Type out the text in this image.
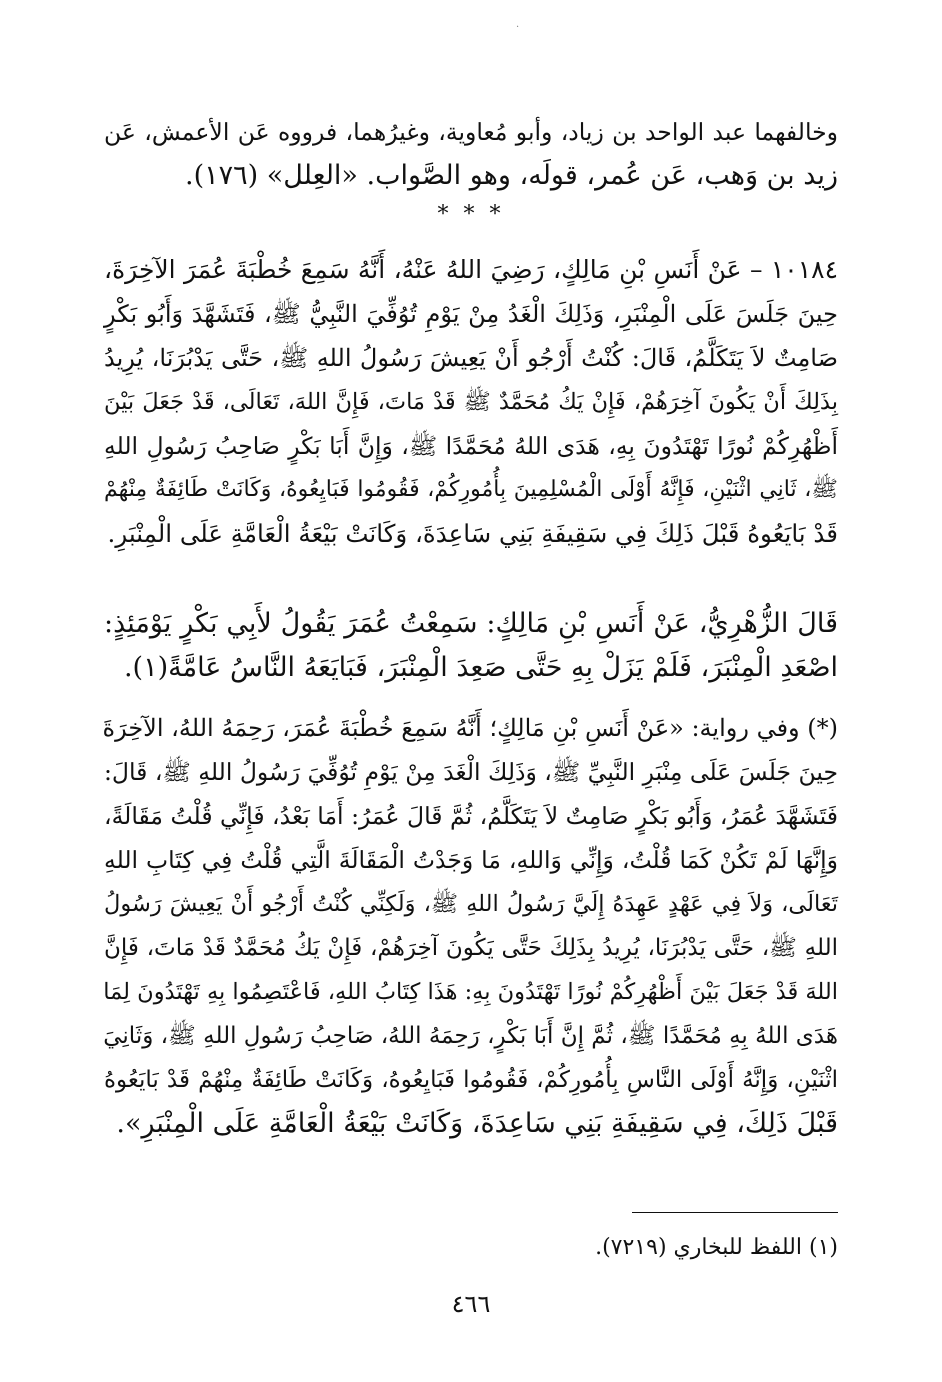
·
وخالفهما عبد الواحد بن زياد، وأبو مُعاوية، وغيرُهما، فرووه عَن الأعمش، عَن
زيد بن وَهب، عَن عُمر، قولَه، وهو الصَّواب. «العِلل» (١٧٦).
* * *
١٠١٨٤ – عَنْ أَنَسِ بْنِ مَالِكٍ، رَضِيَ اللهُ عَنْهُ، أَنَّهُ سَمِعَ خُطْبَةَ عُمَرَ الآخِرَةَ،
حِينَ جَلَسَ عَلَى الْمِنْبَرِ، وَذَلِكَ الْغَدُ مِنْ يَوْمِ تُوُفِّيَ النَّبِيُّ ﷺ، فَتَشَهَّدَ وَأَبُو بَكْرٍ
صَامِتٌ لاَ يَتَكَلَّمُ، قَالَ: كُنْتُ أَرْجُو أَنْ يَعِيشَ رَسُولُ اللهِ ﷺ، حَتَّى يَدْبُرَنَا، يُرِيدُ
بِذَلِكَ أَنْ يَكُونَ آخِرَهُمْ، فَإِنْ يَكُ مُحَمَّدٌ ﷺ قَدْ مَاتَ، فَإِنَّ اللهَ، تَعَالَى، قَدْ جَعَلَ بَيْنَ
أَظْهُرِكُمْ نُورًا تَهْتَدُونَ بِهِ، هَدَى اللهُ مُحَمَّدًا ﷺ، وَإِنَّ أَبَا بَكْرٍ صَاحِبُ رَسُولِ اللهِ
ﷺ، ثَانِي اثْنَيْنِ، فَإِنَّهُ أَوْلَى الْمُسْلِمِينَ بِأُمُورِكُمْ، فَقُومُوا فَبَايِعُوهُ، وَكَانَتْ طَائِفَةٌ مِنْهُمْ
قَدْ بَايَعُوهُ قَبْلَ ذَلِكَ فِي سَقِيفَةِ بَنِي سَاعِدَةَ، وَكَانَتْ بَيْعَةُ الْعَامَّةِ عَلَى الْمِنْبَرِ.
قَالَ الزُّهْرِيُّ، عَنْ أَنَسِ بْنِ مَالِكٍ: سَمِعْتُ عُمَرَ يَقُولُ لأَبِي بَكْرٍ يَوْمَئِذٍ:
اصْعَدِ الْمِنْبَرَ، فَلَمْ يَزَلْ بِهِ حَتَّى صَعِدَ الْمِنْبَرَ، فَبَايَعَهُ النَّاسُ عَامَّةً(١).
(*) وفي رواية: «عَنْ أَنَسِ بْنِ مَالِكٍ؛ أَنَّهُ سَمِعَ خُطْبَةَ عُمَرَ، رَحِمَهُ اللهُ، الآخِرَةَ
حِينَ جَلَسَ عَلَى مِنْبَرِ النَّبِيِّ ﷺ، وَذَلِكَ الْغَدَ مِنْ يَوْمِ تُوُفِّيَ رَسُولُ اللهِ ﷺ، قَالَ:
فَتَشَهَّدَ عُمَرُ، وَأَبُو بَكْرٍ صَامِتٌ لاَ يَتَكَلَّمُ، ثُمَّ قَالَ عُمَرُ: أَمَا بَعْدُ، فَإِنِّي قُلْتُ مَقَالَةً،
وَإِنَّهَا لَمْ تَكُنْ كَمَا قُلْتُ، وَإِنِّي وَاللهِ، مَا وَجَدْتُ الْمَقَالَةَ الَّتِي قُلْتُ فِي كِتَابِ اللهِ
تَعَالَى، وَلاَ فِي عَهْدٍ عَهِدَهُ إِلَيَّ رَسُولُ اللهِ ﷺ، وَلَكِنِّي كُنْتُ أَرْجُو أَنْ يَعِيشَ رَسُولُ
اللهِ ﷺ، حَتَّى يَدْبُرَنَا، يُرِيدُ بِذَلِكَ حَتَّى يَكُونَ آخِرَهُمْ، فَإِنْ يَكُ مُحَمَّدٌ قَدْ مَاتَ، فَإِنَّ
اللهَ قَدْ جَعَلَ بَيْنَ أَظْهُرِكُمْ نُورًا تَهْتَدُونَ بِهِ: هَذَا كِتَابُ اللهِ، فَاعْتَصِمُوا بِهِ تَهْتَدُونَ لِمَا
هَدَى اللهُ بِهِ مُحَمَّدًا ﷺ، ثُمَّ إِنَّ أَبَا بَكْرٍ، رَحِمَهُ اللهُ، صَاحِبُ رَسُولِ اللهِ ﷺ، وَثَانِيَ
اثْنَيْنِ، وَإِنَّهُ أَوْلَى النَّاسِ بِأُمُورِكُمْ، فَقُومُوا فَبَايِعُوهُ، وَكَانَتْ طَائِفَةٌ مِنْهُمْ قَدْ بَايَعُوهُ
قَبْلَ ذَلِكَ، فِي سَقِيفَةِ بَنِي سَاعِدَةَ، وَكَانَتْ بَيْعَةُ الْعَامَّةِ عَلَى الْمِنْبَرِ».
(١) اللفظ للبخاري (٧٢١٩).
٤٦٦
